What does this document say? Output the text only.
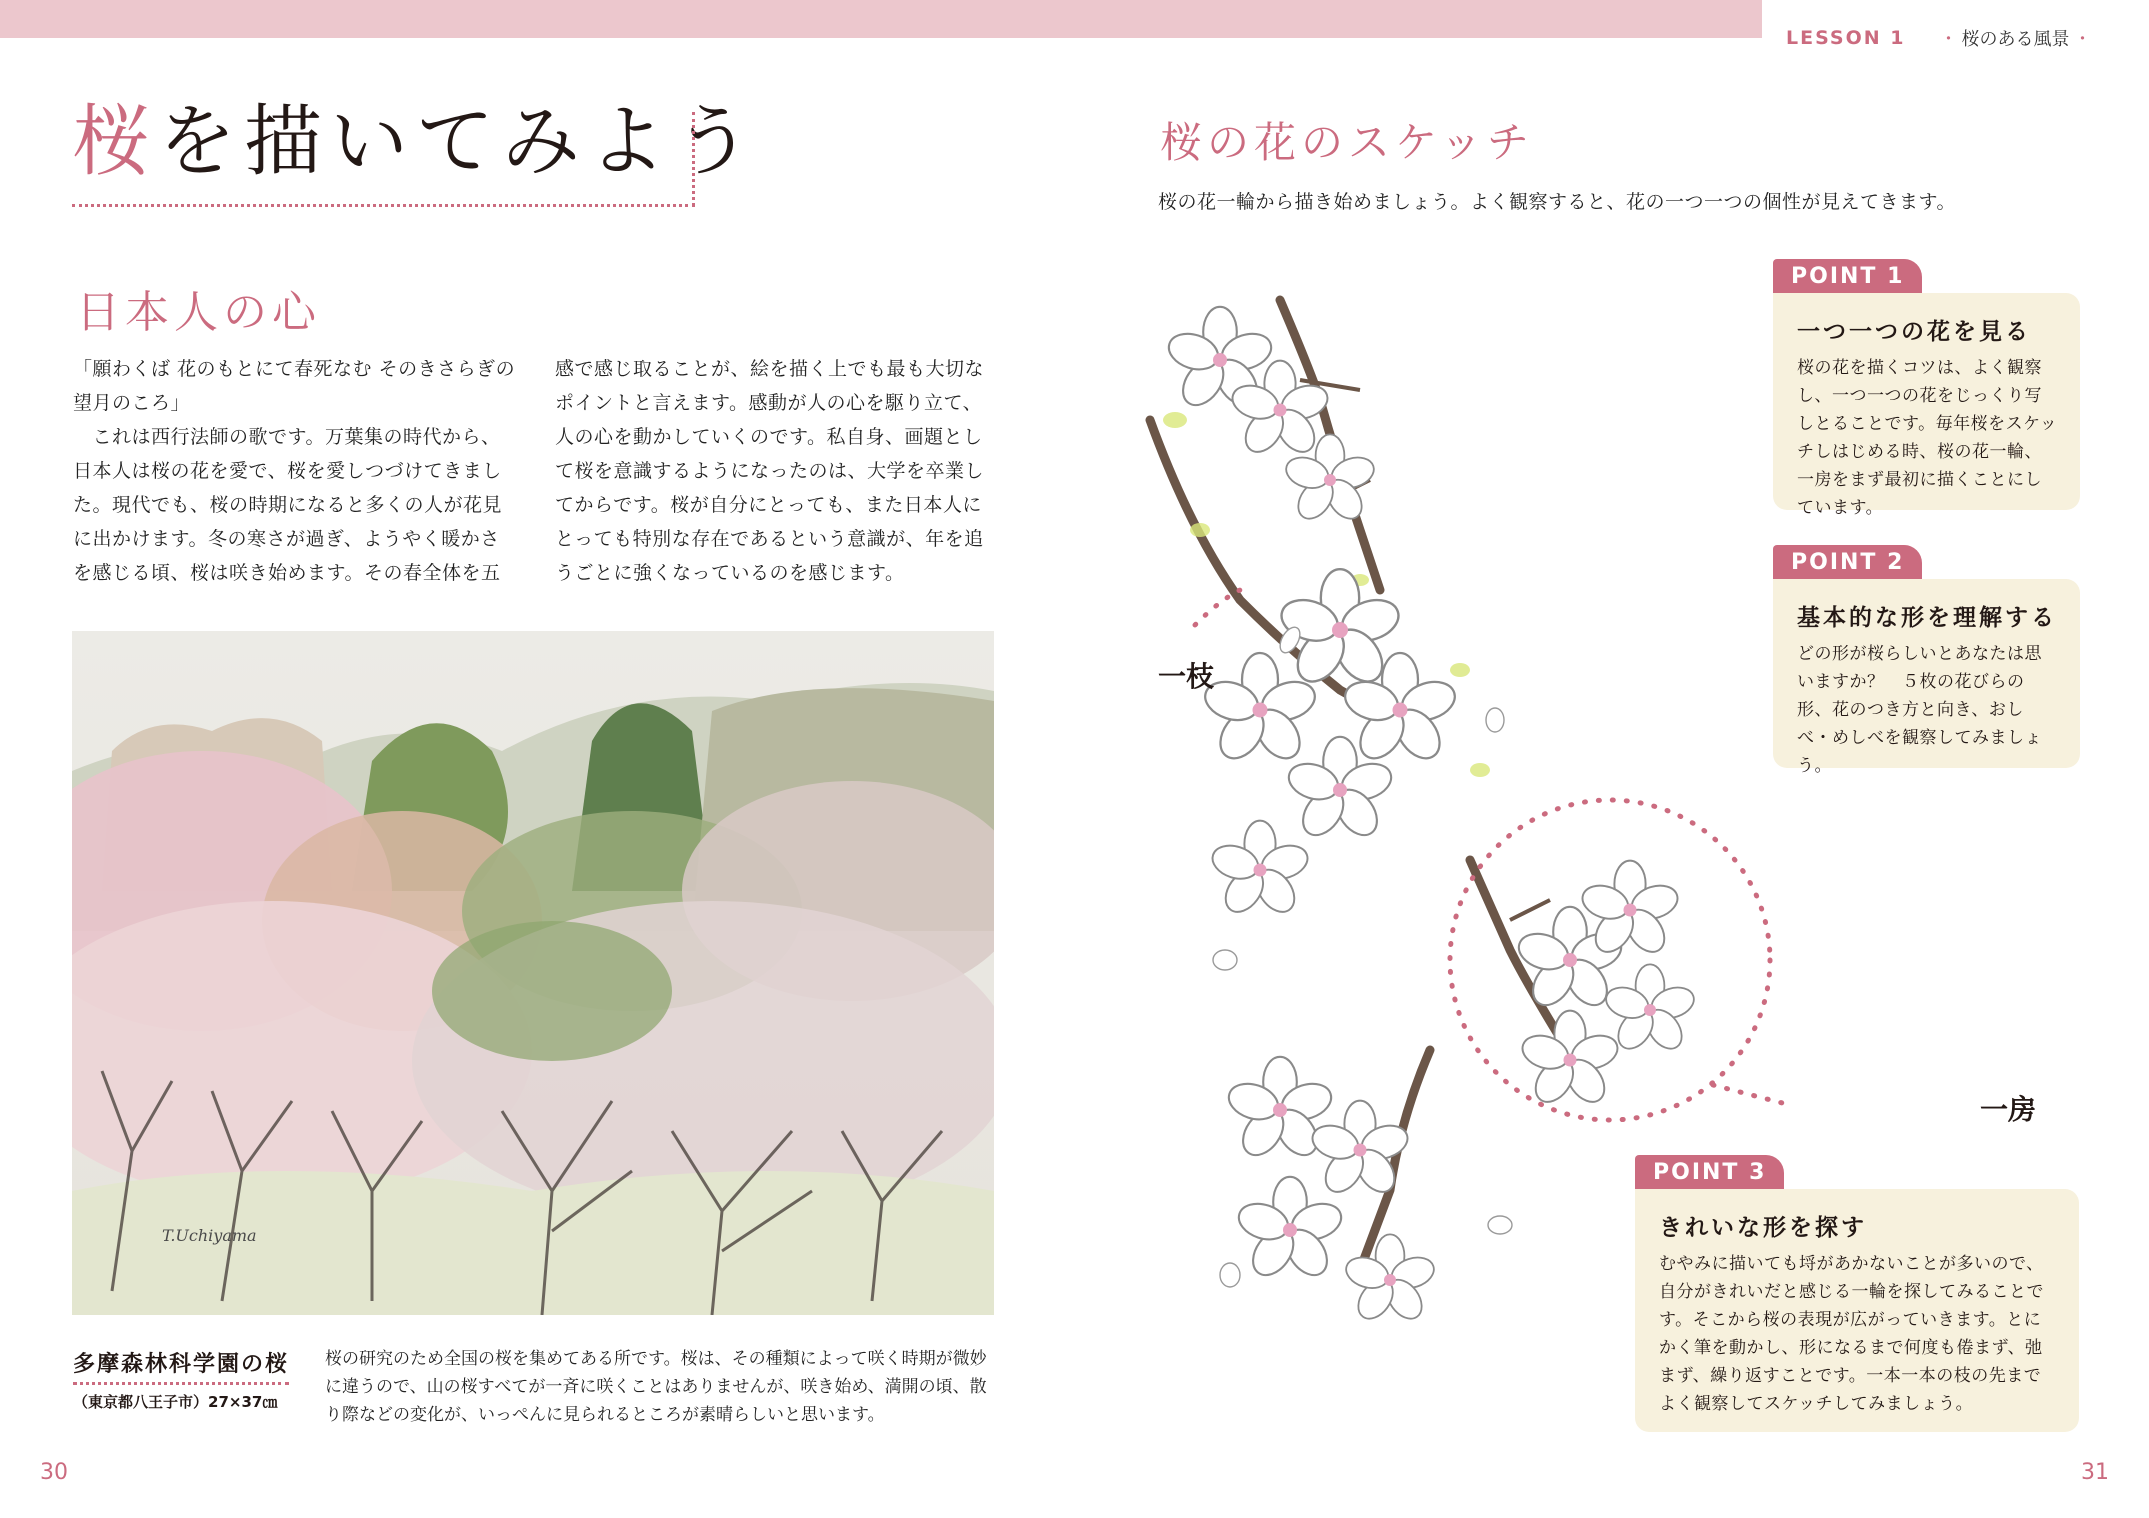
LESSON 1 ・ 桜のある風景 ・
桜を描いてみよう
日本人の心

「願わくば 花のもとにて春死なむ そのきさらぎの望月のころ」

　これは西行法師の歌です。万葉集の時代から、日本人は桜の花を愛で、桜を愛しつづけてきました。現代でも、桜の時期になると多くの人が花見に出かけます。冬の寒さが過ぎ、ようやく暖かさを感じる頃、桜は咲き始めます。その春全体を五

感で感じ取ることが、絵を描く上でも最も大切なポイントと言えます。感動が人の心を駆り立て、人の心を動かしていくのです。私自身、画題として桜を意識するようになったのは、大学を卒業してからです。桜が自分にとっても、また日本人にとっても特別な存在であるという意識が、年を追うごとに強くなっているのを感じます。

T.Uchiyama
多摩森林科学園の桜
（東京都八王子市）27×37㎝
桜の研究のため全国の桜を集めてある所です。桜は、その種類によって咲く時期が微妙に違うので、山の桜すべてが一斉に咲くことはありませんが、咲き始め、満開の頃、散り際などの変化が、いっぺんに見られるところが素晴らしいと思います。
30
桜の花のスケッチ
桜の花一輪から描き始めましょう。よく観察すると、花の一つ一つの個性が見えてきます。
一枝
一房
POINT 1
一つ一つの花を見る
桜の花を描くコツは、よく観察し、一つ一つの花をじっくり写しとることです。毎年桜をスケッチしはじめる時、桜の花一輪、一房をまず最初に描くことにしています。
POINT 2
基本的な形を理解する
どの形が桜らしいとあなたは思いますか？　５枚の花びらの形、花のつき方と向き、おしべ・めしべを観察してみましょう。
POINT 3
きれいな形を探す
むやみに描いても埒があかないことが多いので、自分がきれいだと感じる一輪を探してみることです。そこから桜の表現が広がっていきます。とにかく筆を動かし、形になるまで何度も倦まず、弛まず、繰り返すことです。一本一本の枝の先までよく観察してスケッチしてみましょう。
31
